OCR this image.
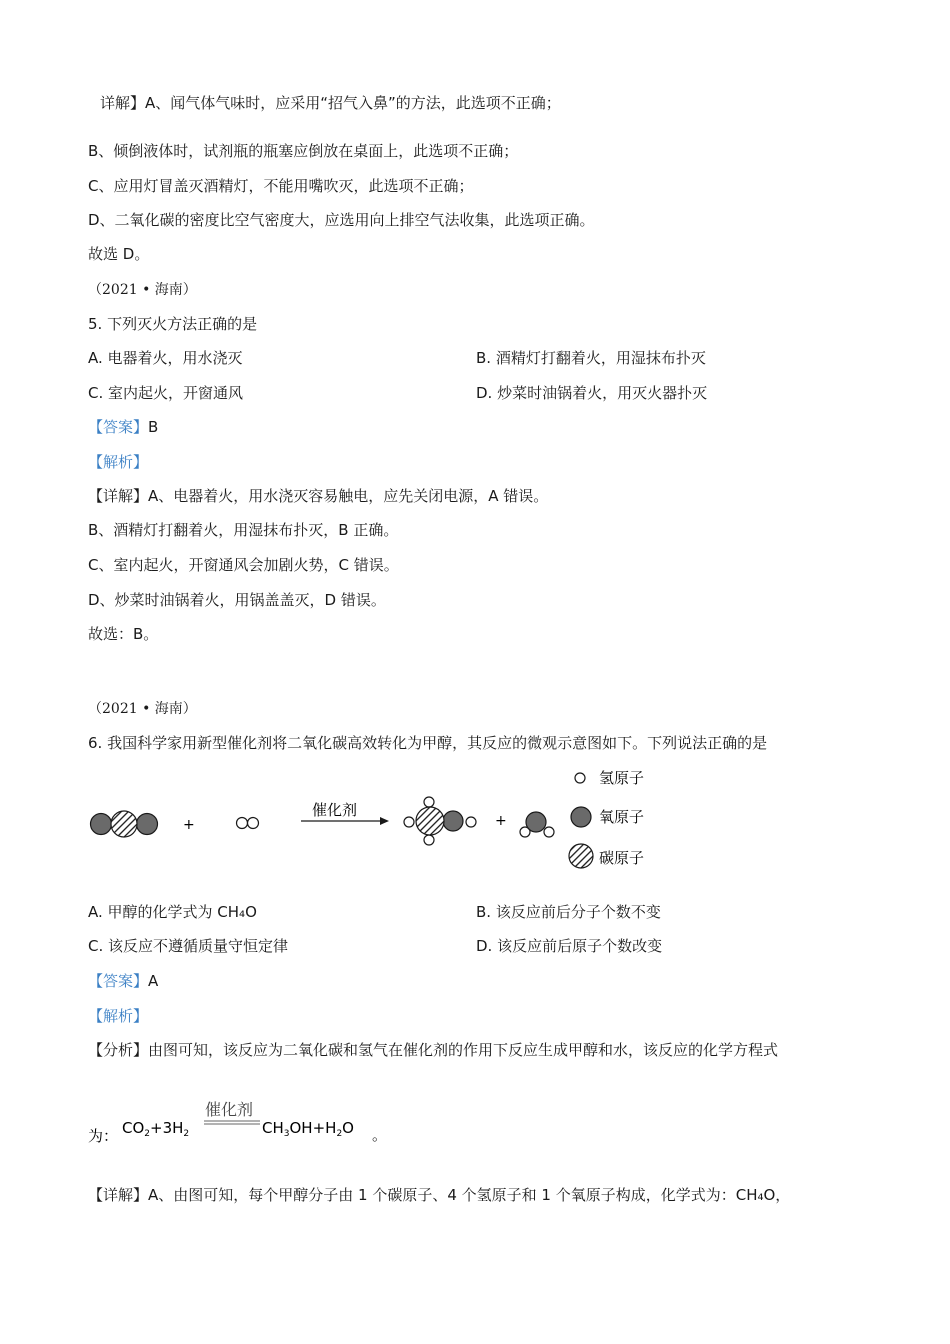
详解】A、闻气体气味时，应采用“招气入鼻”的方法，此选项不正确；
B、倾倒液体时，试剂瓶的瓶塞应倒放在桌面上，此选项不正确；
C、应用灯冒盖灭酒精灯，不能用嘴吹灭，此选项不正确；
D、二氧化碳的密度比空气密度大，应选用向上排空气法收集，此选项正确。
故选 D。
（2021 • 海南）
5. 下列灭火方法正确的是
A. 电器着火，用水浇灭	B. 酒精灯打翻着火，用湿抹布扑灭
C. 室内起火，开窗通风	D. 炒菜时油锅着火，用灭火器扑灭
【答案】B
【解析】
【详解】A、电器着火，用水浇灭容易触电，应先关闭电源，A 错误。
B、酒精灯打翻着火，用湿抹布扑灭，B 正确。
C、室内起火，开窗通风会加剧火势，C 错误。
D、炒菜时油锅着火，用锅盖盖灭，D 错误。
故选：B。
（2021 • 海南）
6. 我国科学家用新型催化剂将二氧化碳高效转化为甲醇，其反应的微观示意图如下。下列说法正确的是
+
催化剂
+
氢原子
氧原子
碳原子
A. 甲醇的化学式为 CH₄O	B. 该反应前后分子个数不变
C. 该反应不遵循质量守恒定律	D. 该反应前后原子个数改变
【答案】A
【解析】
【分析】由图可知，该反应为二氧化碳和氢气在催化剂的作用下反应生成甲醇和水，该反应的化学方程式
为： $CO_2+3H_2$
催化剂
$CH_3OH+H_2O$ 。
【详解】A、由图可知，每个甲醇分子由 1 个碳原子、4 个氢原子和 1 个氧原子构成，化学式为：CH₄O，
